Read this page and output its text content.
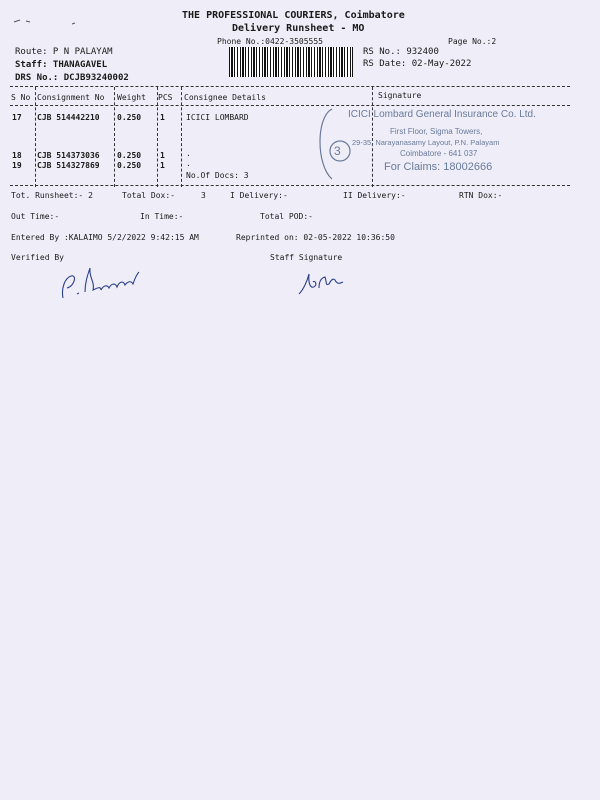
THE PROFESSIONAL COURIERS, Coimbatore
Delivery Runsheet - MO
Phone No.:0422-3505555	Page No.:2
Route: P N PALAYAM
Staff: THANAGAVEL
DRS No.: DCJB93240002
RS No.: 932400
RS Date: 02-May-2022
S No Consignment No Weight PCS Consignee Details	Signature
17 CJB 514442210 0.250 1	ICICI LOMBARD
18 CJB 514373036 0.250 1	.
19 CJB 514327869 0.250 1	.
No.Of Docs: 3
3
ICICI Lombard General Insurance Co. Ltd.
First Floor, Sigma Towers,
29-35, Narayanasamy Layout, P.N. Palayam
Coimbatore - 641 037
For Claims: 18002666
Tot. Runsheet:- 2	Total Dox:-	3	I Delivery:-	II Delivery:-	RTN Dox:-
Out Time:-	In Time:-	Total POD:-
Entered By :KALAIMO 5/2/2022 9:42:15 AM	Reprinted on: 02-05-2022 10:36:50
Verified By	Staff Signature
